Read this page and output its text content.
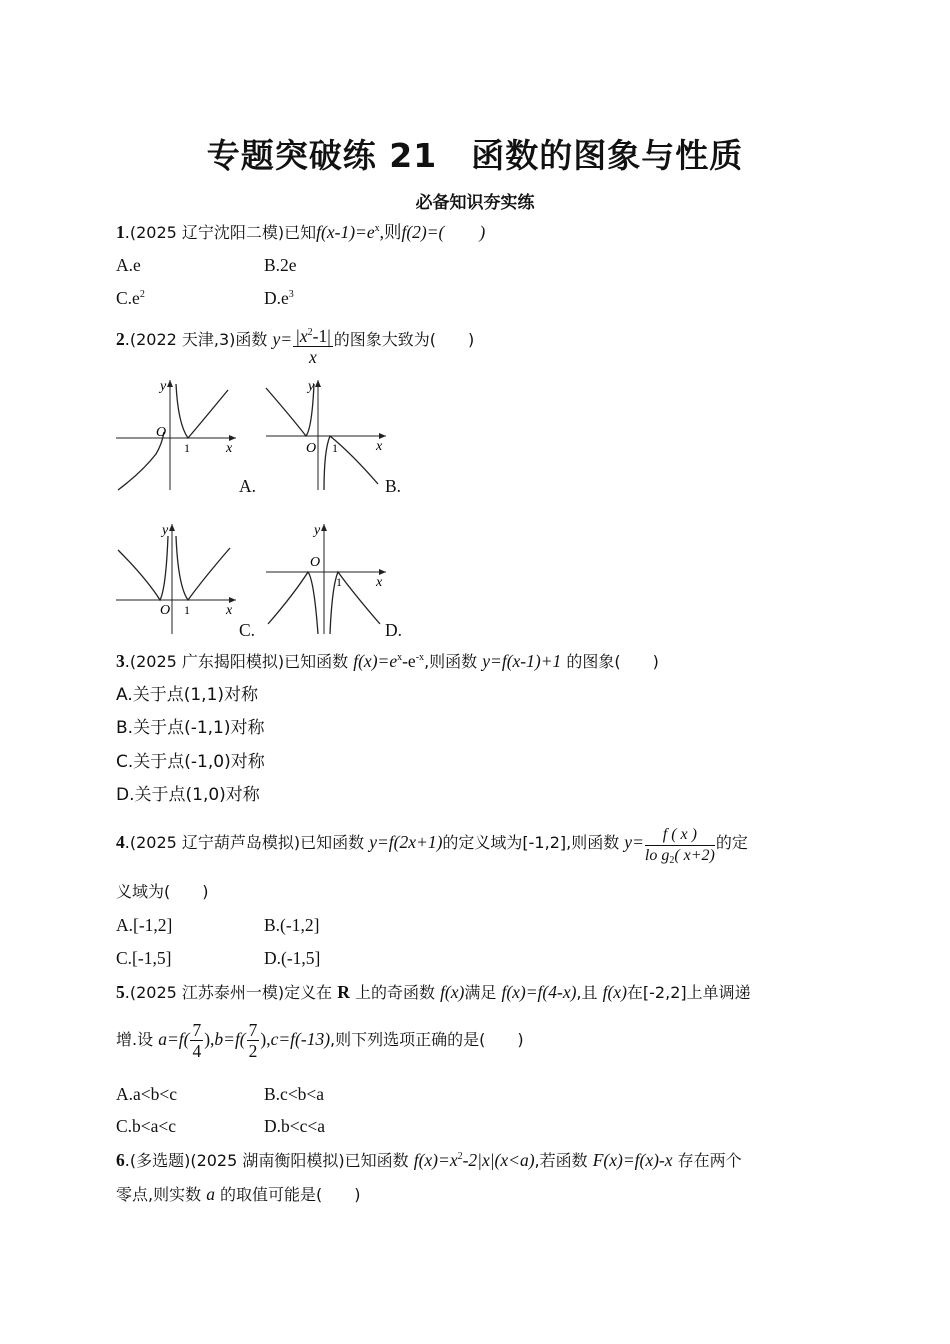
专题突破练 21　函数的图象与性质
必备知识夯实练
1.(2025 辽宁沈阳二模)已知$f(x-1)=e^x$,则f(2)=(　　)
A.e	B.2e
$C.e^2$	$D.e^3$
2.(2022 天津,3)函数 $y= \frac{|x^2-1|}{x}$ 的图象大致为(　　)
y
x
O
1
A.
y
x
O 1
B.
y
x
O 1
C.
y
x
O
1
D.
3.(2025 广东揭阳模拟)已知函数 $f(x)=e^x-e^{-x}$,则函数 y=f(x-1)+1 的图象(　　)
A.关于点(1,1)对称
B.关于点(-1,1)对称
C.关于点(-1,0)对称
D.关于点(1,0)对称
4.(2025 辽宁葫芦岛模拟)已知函数 y=f(2x+1)的定义域为[-1,2],则函数 $y= \frac{f ( x )}{lo g_2( x+2)}$ 的定
义域为(　　)
A.[-1,2]	B.(-1,2]
C.[-1,5]	D.(-1,5]
5.(2025 江苏泰州一模)定义在 R 上的奇函数 f(x)满足 f(x)=f(4-x),且 f(x)在[-2,2]上单调递
增.设 $a=f( \frac{7}{4} ),b=f( \frac{7}{2} ),c=f(-13)$,则下列选项正确的是(　　)
A.a<b<c	B.c<b<a
C.b<a<c	D.b<c<a
6.(多选题)(2025 湖南衡阳模拟)已知函数 $f(x)=x^2-2|x|(x<a)$,若函数 F(x)=f(x)-x 存在两个
零点,则实数 a 的取值可能是(　　)
